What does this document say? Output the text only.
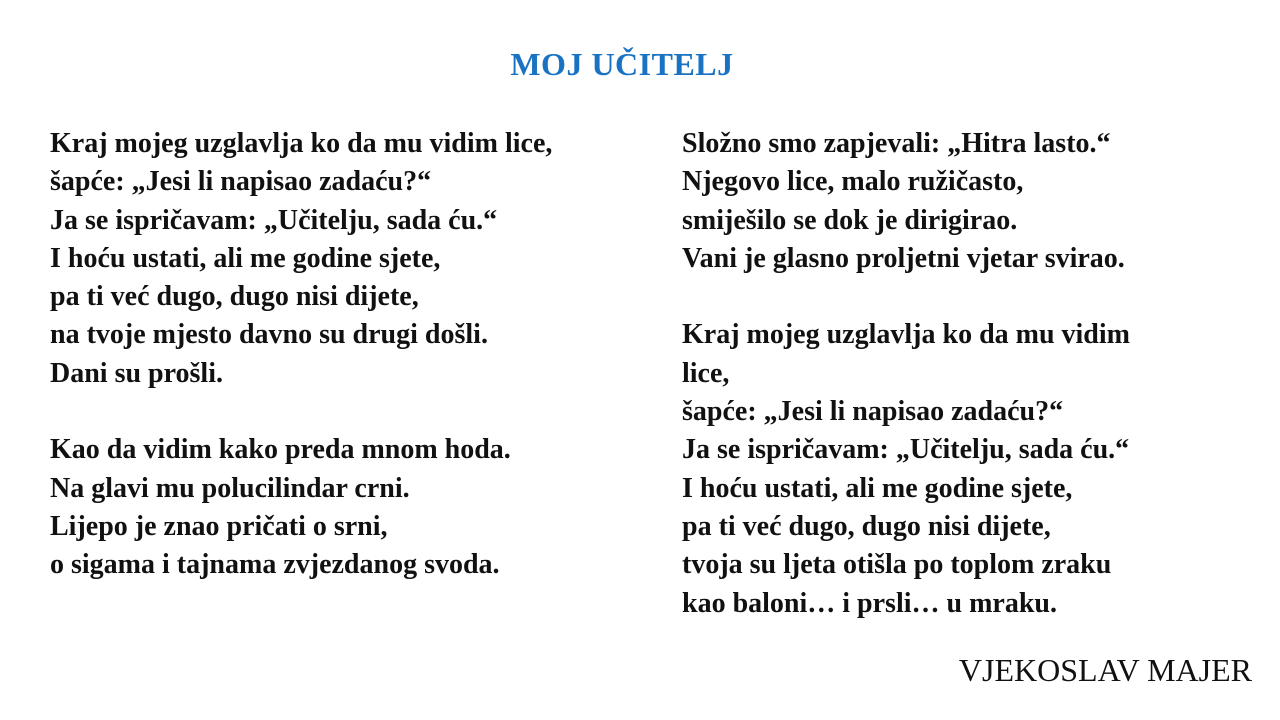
MOJ UČITELJ
Kraj mojeg uzglavlja ko da mu vidim lice,
šapće: „Jesi li napisao zadaću?“
Ja se ispričavam: „Učitelju, sada ću.“
I hoću ustati, ali me godine sjete,
pa ti već dugo, dugo nisi dijete,
na tvoje mjesto davno su drugi došli.
Dani su prošli.
Kao da vidim kako preda mnom hoda.
Na glavi mu polucilindar crni.
Lijepo je znao pričati o srni,
o sigama i tajnama zvjezdanog svoda.
Složno smo zapjevali: „Hitra lasto.“
Njegovo lice, malo ružičasto,
smiješilo se dok je dirigirao.
Vani je glasno proljetni vjetar svirao.
Kraj mojeg uzglavlja ko da mu vidim
lice,
šapće: „Jesi li napisao zadaću?“
Ja se ispričavam: „Učitelju, sada ću.“
I hoću ustati, ali me godine sjete,
pa ti već dugo, dugo nisi dijete,
tvoja su ljeta otišla po toplom zraku
kao baloni… i prsli… u mraku.
VJEKOSLAV MAJER
